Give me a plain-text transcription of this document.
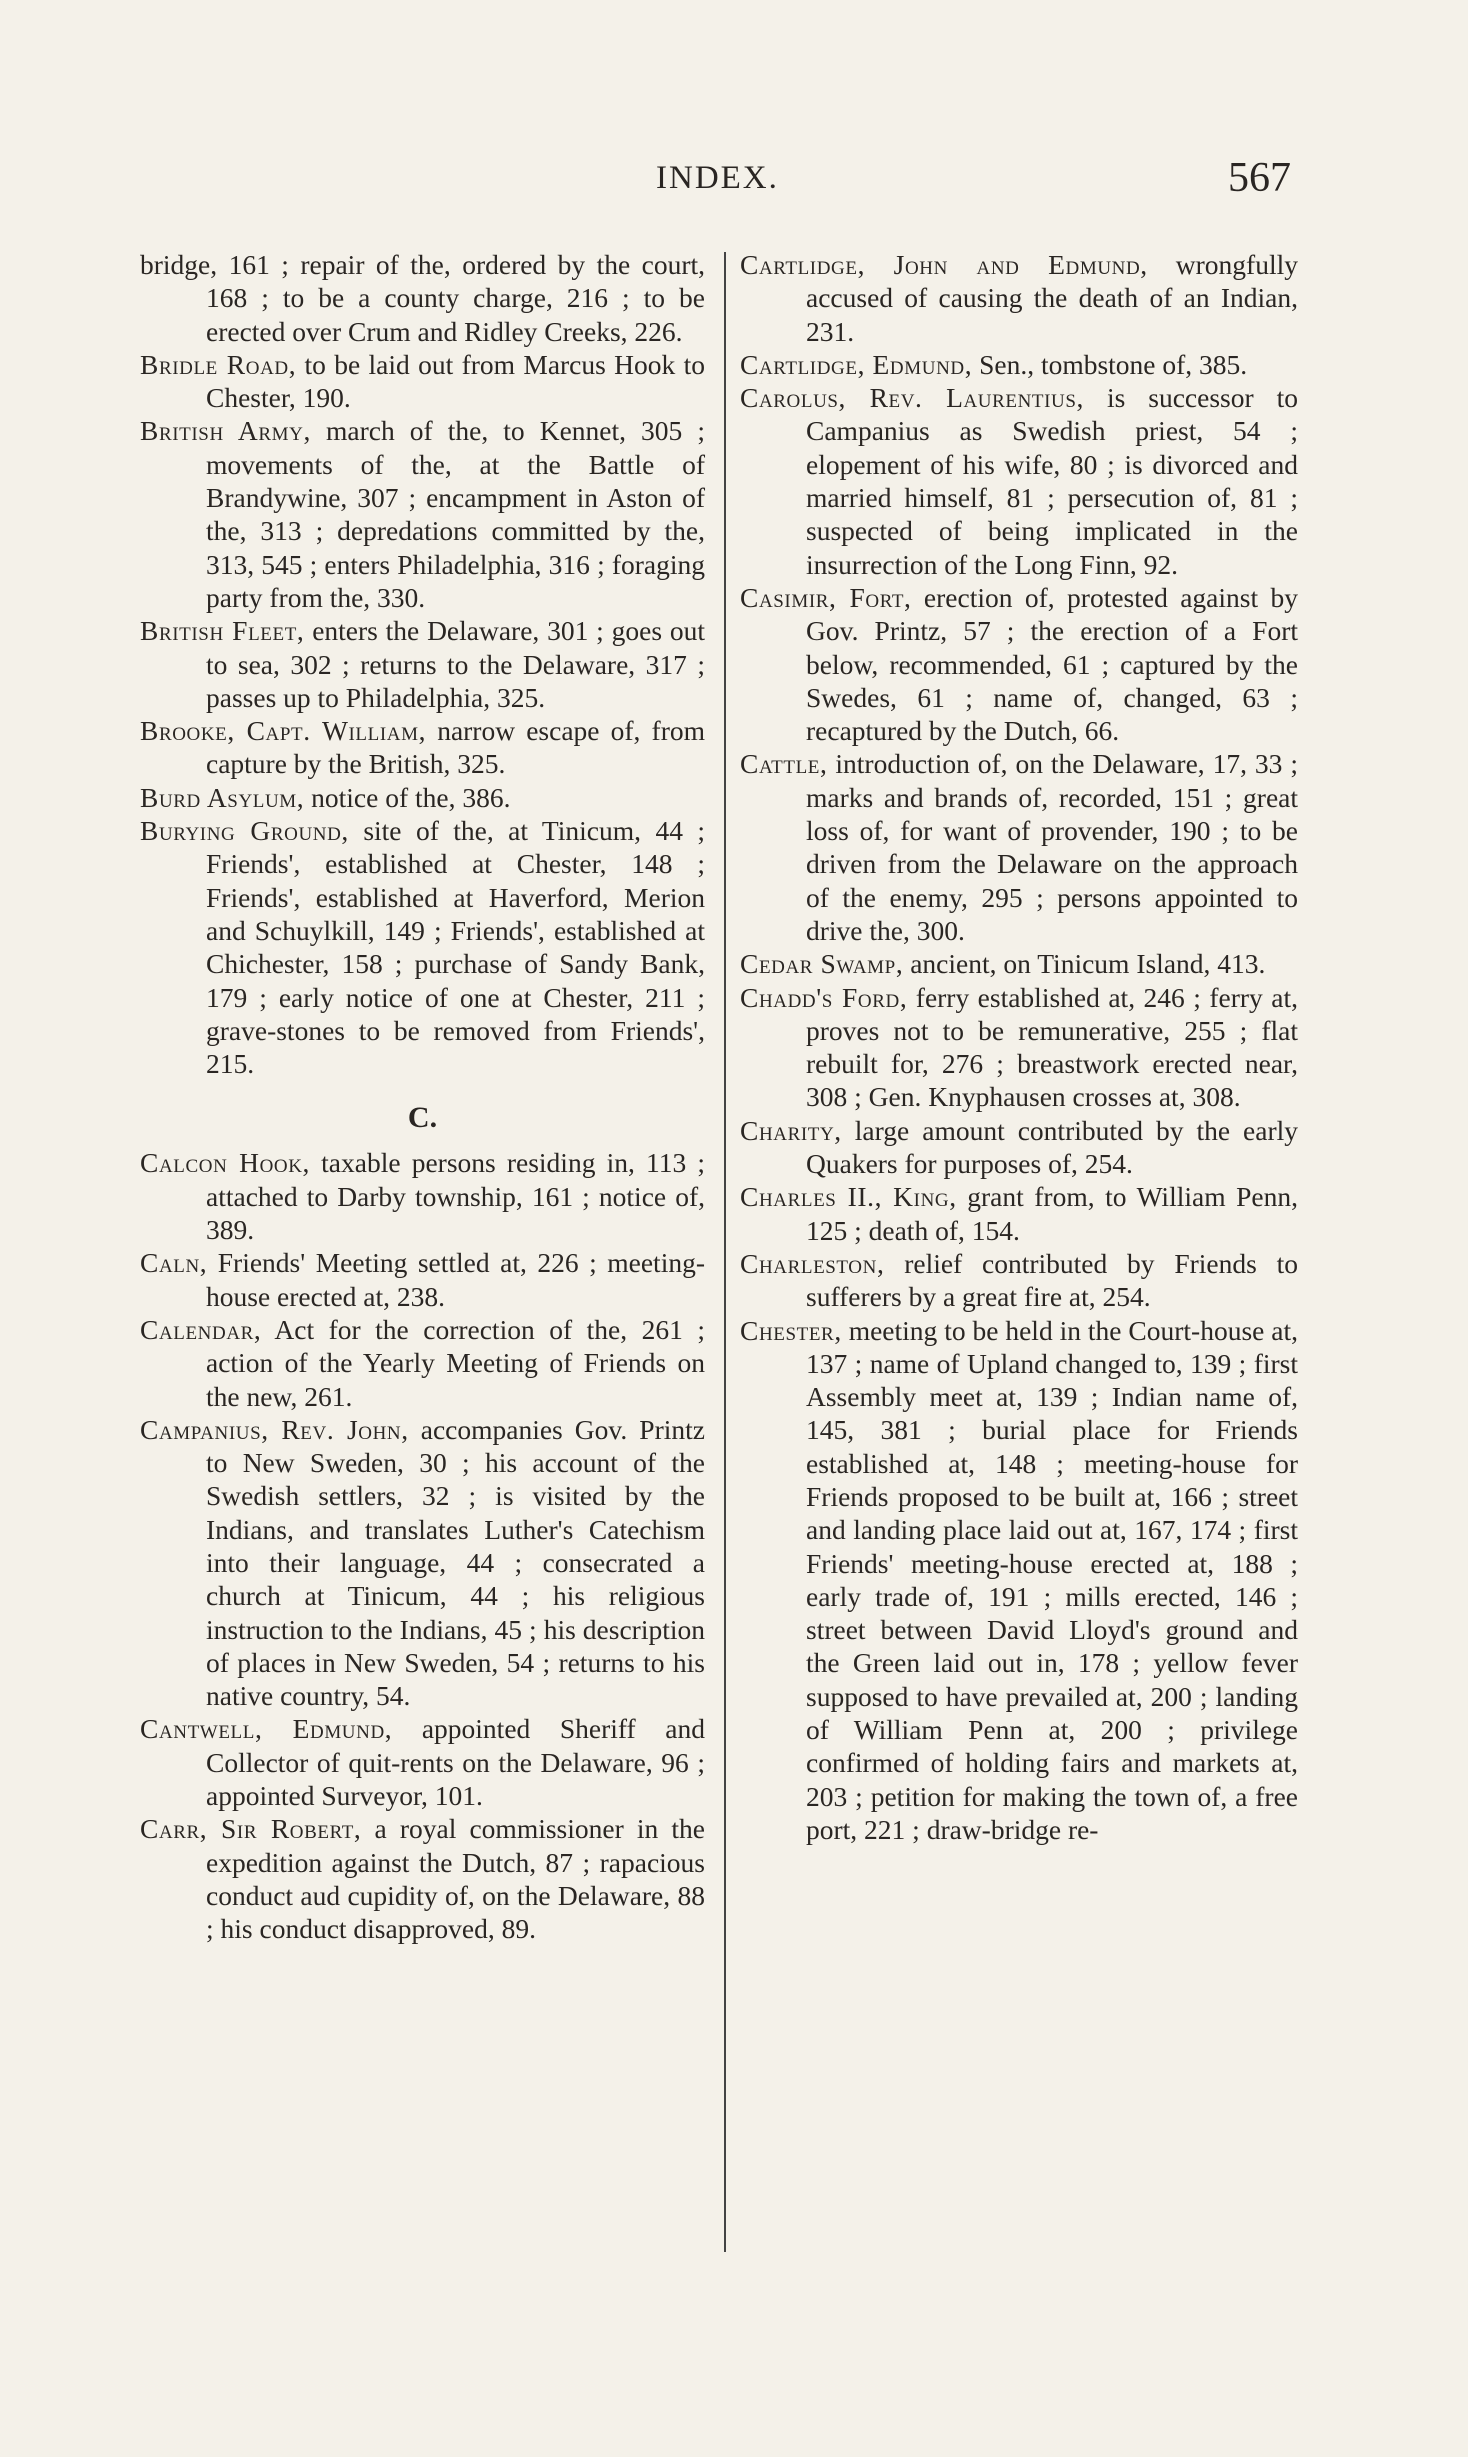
INDEX.	567

bridge, 161 ; repair of the, ordered by the court, 168 ; to be a county charge, 216 ; to be erected over Crum and Ridley Creeks, 226.

Bridle Road, to be laid out from Marcus Hook to Chester, 190.

British Army, march of the, to Kennet, 305 ; movements of the, at the Battle of Brandywine, 307 ; encampment in Aston of the, 313 ; depredations committed by the, 313, 545 ; enters Philadelphia, 316 ; foraging party from the, 330.

British Fleet, enters the Delaware, 301 ; goes out to sea, 302 ; returns to the Delaware, 317 ; passes up to Philadelphia, 325.

Brooke, Capt. William, narrow escape of, from capture by the British, 325.

Burd Asylum, notice of the, 386.

Burying Ground, site of the, at Tinicum, 44 ; Friends', established at Chester, 148 ; Friends', established at Haverford, Merion and Schuylkill, 149 ; Friends', established at Chichester, 158 ; purchase of Sandy Bank, 179 ; early notice of one at Chester, 211 ; grave-stones to be removed from Friends', 215.

C.

Calcon Hook, taxable persons residing in, 113 ; attached to Darby township, 161 ; notice of, 389.

Caln, Friends' Meeting settled at, 226 ; meeting-house erected at, 238.

Calendar, Act for the correction of the, 261 ; action of the Yearly Meeting of Friends on the new, 261.

Campanius, Rev. John, accompanies Gov. Printz to New Sweden, 30 ; his account of the Swedish settlers, 32 ; is visited by the Indians, and translates Luther's Catechism into their language, 44 ; consecrated a church at Tinicum, 44 ; his religious instruction to the Indians, 45 ; his description of places in New Sweden, 54 ; returns to his native country, 54.

Cantwell, Edmund, appointed Sheriff and Collector of quit-rents on the Delaware, 96 ; appointed Surveyor, 101.

Carr, Sir Robert, a royal commissioner in the expedition against the Dutch, 87 ; rapacious conduct aud cupidity of, on the Delaware, 88 ; his conduct disapproved, 89.

Cartlidge, John and Edmund, wrongfully accused of causing the death of an Indian, 231.

Cartlidge, Edmund, Sen., tombstone of, 385.

Carolus, Rev. Laurentius, is successor to Campanius as Swedish priest, 54 ; elopement of his wife, 80 ; is divorced and married himself, 81 ; persecution of, 81 ; suspected of being implicated in the insurrection of the Long Finn, 92.

Casimir, Fort, erection of, protested against by Gov. Printz, 57 ; the erection of a Fort below, recommended, 61 ; captured by the Swedes, 61 ; name of, changed, 63 ; recaptured by the Dutch, 66.

Cattle, introduction of, on the Delaware, 17, 33 ; marks and brands of, recorded, 151 ; great loss of, for want of provender, 190 ; to be driven from the Delaware on the approach of the enemy, 295 ; persons appointed to drive the, 300.

Cedar Swamp, ancient, on Tinicum Island, 413.

Chadd's Ford, ferry established at, 246 ; ferry at, proves not to be remunerative, 255 ; flat rebuilt for, 276 ; breastwork erected near, 308 ; Gen. Knyphausen crosses at, 308.

Charity, large amount contributed by the early Quakers for purposes of, 254.

Charles II., King, grant from, to William Penn, 125 ; death of, 154.

Charleston, relief contributed by Friends to sufferers by a great fire at, 254.

Chester, meeting to be held in the Court-house at, 137 ; name of Upland changed to, 139 ; first Assembly meet at, 139 ; Indian name of, 145, 381 ; burial place for Friends established at, 148 ; meeting-house for Friends proposed to be built at, 166 ; street and landing place laid out at, 167, 174 ; first Friends' meeting-house erected at, 188 ; early trade of, 191 ; mills erected, 146 ; street between David Lloyd's ground and the Green laid out in, 178 ; yellow fever supposed to have prevailed at, 200 ; landing of William Penn at, 200 ; privilege confirmed of holding fairs and markets at, 203 ; petition for making the town of, a free port, 221 ; draw-bridge re-
